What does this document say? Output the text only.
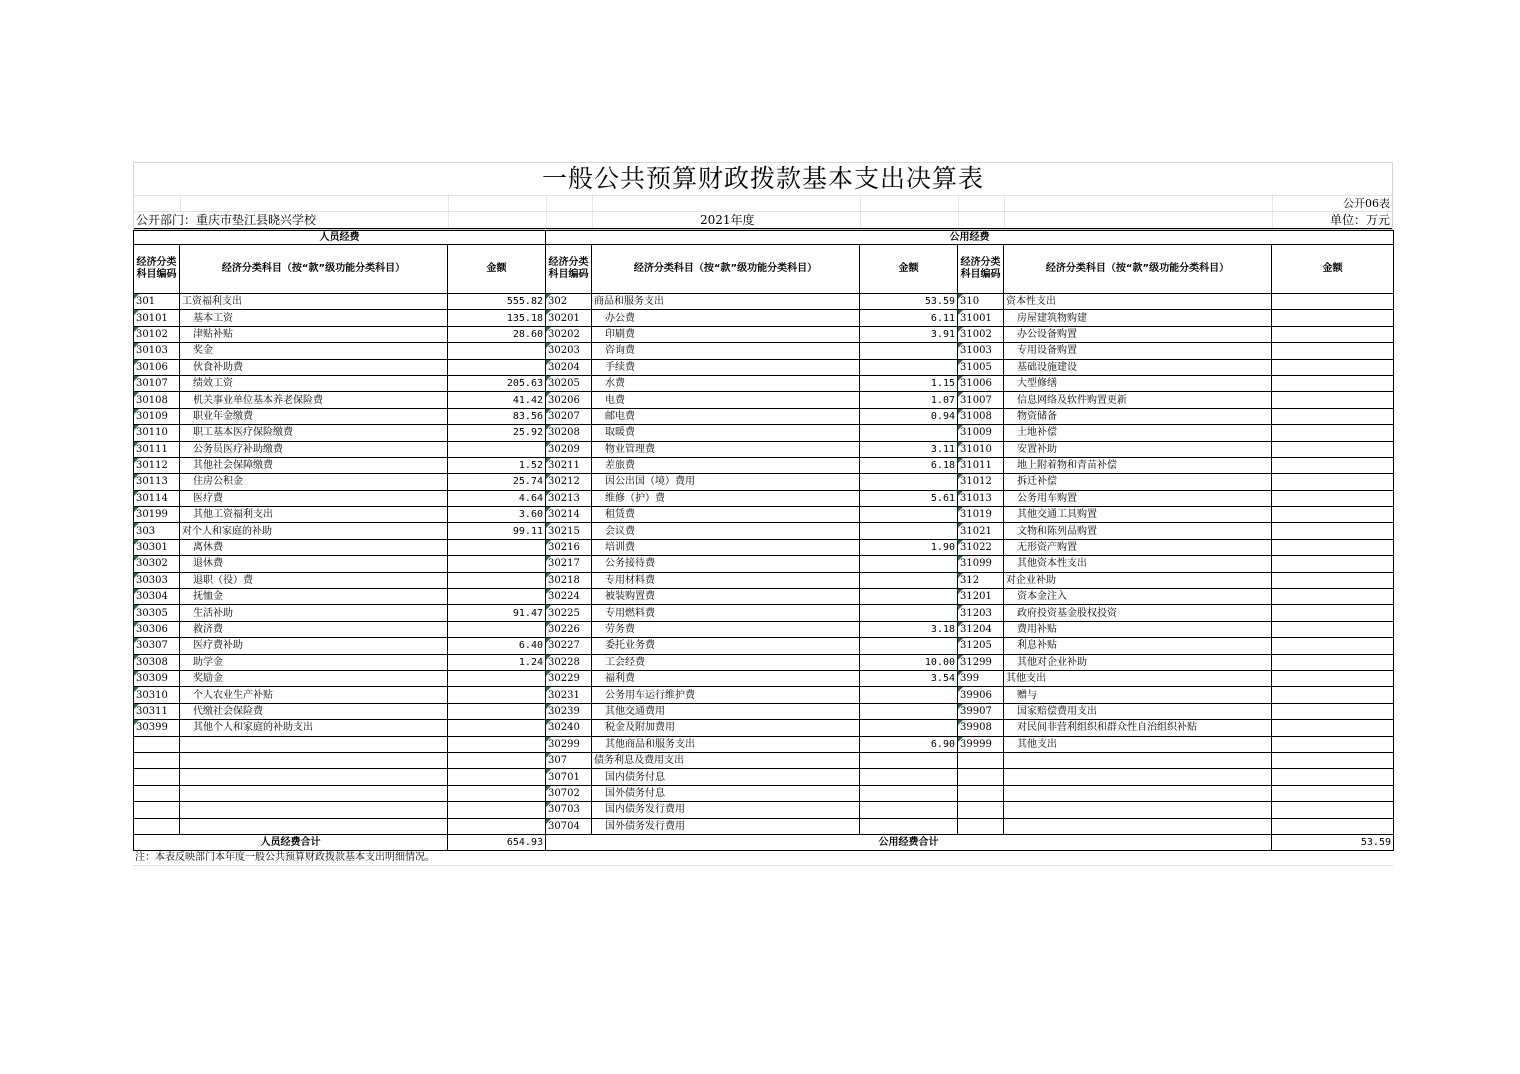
一般公共预算财政拨款基本支出决算表
公开06表
公开部门：重庆市垫江县晓兴学校	2021年度	单位：万元
人员经费			公用经费					
经济分类科目编码	经济分类科目（按“款”级功能分类科目）	金额	经济分类科目编码	经济分类科目（按“款”级功能分类科目）	金额	经济分类科目编码	经济分类科目（按“款”级功能分类科目）	金额
301	工资福利支出	555.82	302	商品和服务支出	53.59	310	资本性支出	
30101	基本工资	135.18	30201	办公费	6.11	31001	房屋建筑物购建	
30102	津贴补贴	28.60	30202	印刷费	3.91	31002	办公设备购置	
30103	奖金		30203	咨询费		31003	专用设备购置	
30106	伙食补助费		30204	手续费		31005	基础设施建设	
30107	绩效工资	205.63	30205	水费	1.15	31006	大型修缮	
30108	机关事业单位基本养老保险费	41.42	30206	电费	1.07	31007	信息网络及软件购置更新	
30109	职业年金缴费	83.56	30207	邮电费	0.94	31008	物资储备	
30110	职工基本医疗保险缴费	25.92	30208	取暖费		31009	土地补偿	
30111	公务员医疗补助缴费		30209	物业管理费	3.11	31010	安置补助	
30112	其他社会保障缴费	1.52	30211	差旅费	6.18	31011	地上附着物和青苗补偿	
30113	住房公积金	25.74	30212	因公出国（境）费用		31012	拆迁补偿	
30114	医疗费	4.64	30213	维修（护）费	5.61	31013	公务用车购置	
30199	其他工资福利支出	3.60	30214	租赁费		31019	其他交通工具购置	
303	对个人和家庭的补助	99.11	30215	会议费		31021	文物和陈列品购置	
30301	离休费		30216	培训费	1.90	31022	无形资产购置	
30302	退休费		30217	公务接待费		31099	其他资本性支出	
30303	退职（役）费		30218	专用材料费		312	对企业补助	
30304	抚恤金		30224	被装购置费		31201	资本金注入	
30305	生活补助	91.47	30225	专用燃料费		31203	政府投资基金股权投资	
30306	救济费		30226	劳务费	3.18	31204	费用补贴	
30307	医疗费补助	6.40	30227	委托业务费		31205	利息补贴	
30308	助学金	1.24	30228	工会经费	10.00	31299	其他对企业补助	
30309	奖励金		30229	福利费	3.54	399	其他支出	
30310	个人农业生产补贴		30231	公务用车运行维护费		39906	赠与	
30311	代缴社会保险费		30239	其他交通费用		39907	国家赔偿费用支出	
30399	其他个人和家庭的补助支出		30240	税金及附加费用		39908	对民间非营利组织和群众性自治组织补贴	
			30299	其他商品和服务支出	6.90	39999	其他支出	
			307	债务利息及费用支出				
			30701	国内债务付息				
			30702	国外债务付息				
			30703	国内债务发行费用				
			30704	国外债务发行费用				
人员经费合计		654.93	公用经费合计					53.59
注：本表反映部门本年度一般公共预算财政拨款基本支出明细情况。
